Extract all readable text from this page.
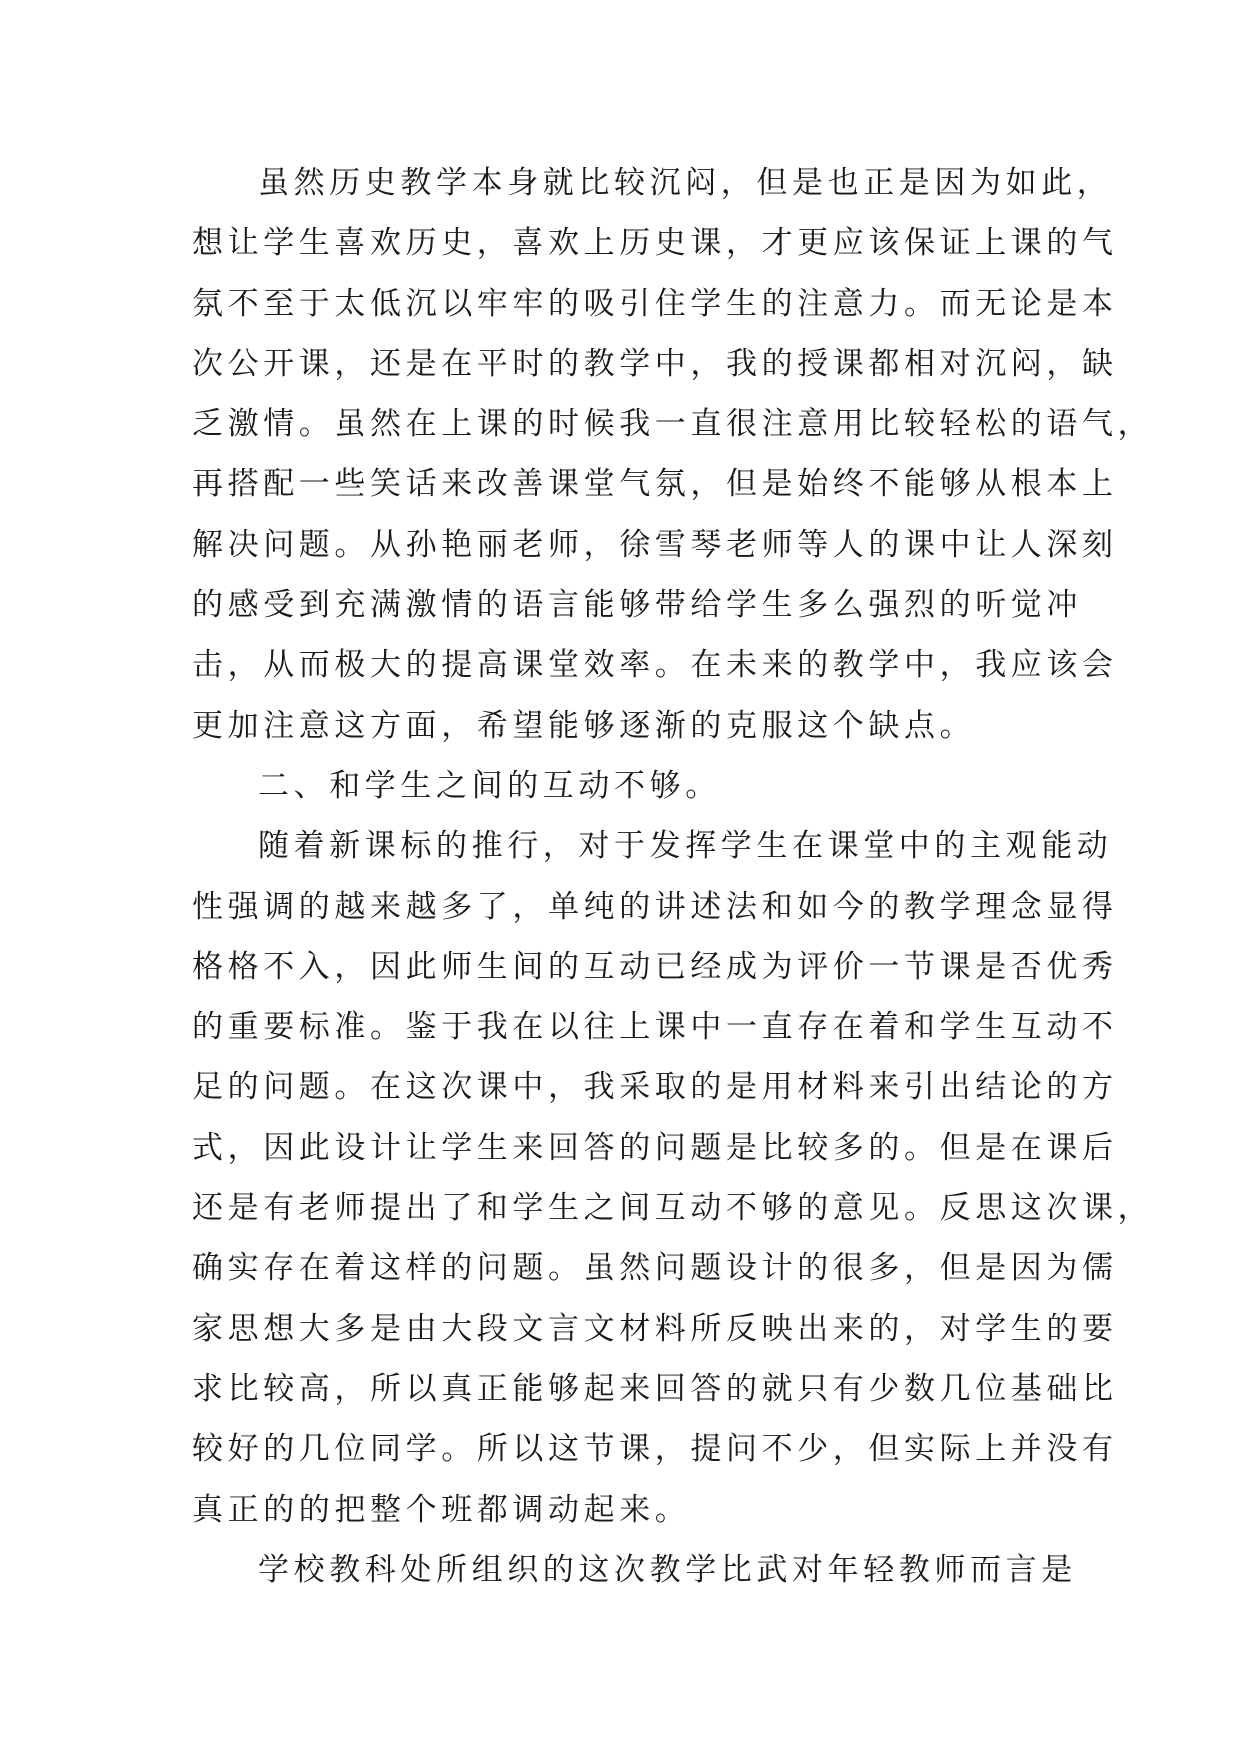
虽然历史教学本身就比较沉闷，但是也正是因为如此，
想让学生喜欢历史，喜欢上历史课，才更应该保证上课的气
氛不至于太低沉以牢牢的吸引住学生的注意力。而无论是本
次公开课，还是在平时的教学中，我的授课都相对沉闷，缺
乏激情。虽然在上课的时候我一直很注意用比较轻松的语气，
再搭配一些笑话来改善课堂气氛，但是始终不能够从根本上
解决问题。从孙艳丽老师，徐雪琴老师等人的课中让人深刻
的感受到充满激情的语言能够带给学生多么强烈的听觉冲
击，从而极大的提高课堂效率。在未来的教学中，我应该会
更加注意这方面，希望能够逐渐的克服这个缺点。
二、和学生之间的互动不够。
随着新课标的推行，对于发挥学生在课堂中的主观能动
性强调的越来越多了，单纯的讲述法和如今的教学理念显得
格格不入，因此师生间的互动已经成为评价一节课是否优秀
的重要标准。鉴于我在以往上课中一直存在着和学生互动不
足的问题。在这次课中，我采取的是用材料来引出结论的方
式，因此设计让学生来回答的问题是比较多的。但是在课后
还是有老师提出了和学生之间互动不够的意见。反思这次课，
确实存在着这样的问题。虽然问题设计的很多，但是因为儒
家思想大多是由大段文言文材料所反映出来的，对学生的要
求比较高，所以真正能够起来回答的就只有少数几位基础比
较好的几位同学。所以这节课，提问不少，但实际上并没有
真正的的把整个班都调动起来。
学校教科处所组织的这次教学比武对年轻教师而言是
